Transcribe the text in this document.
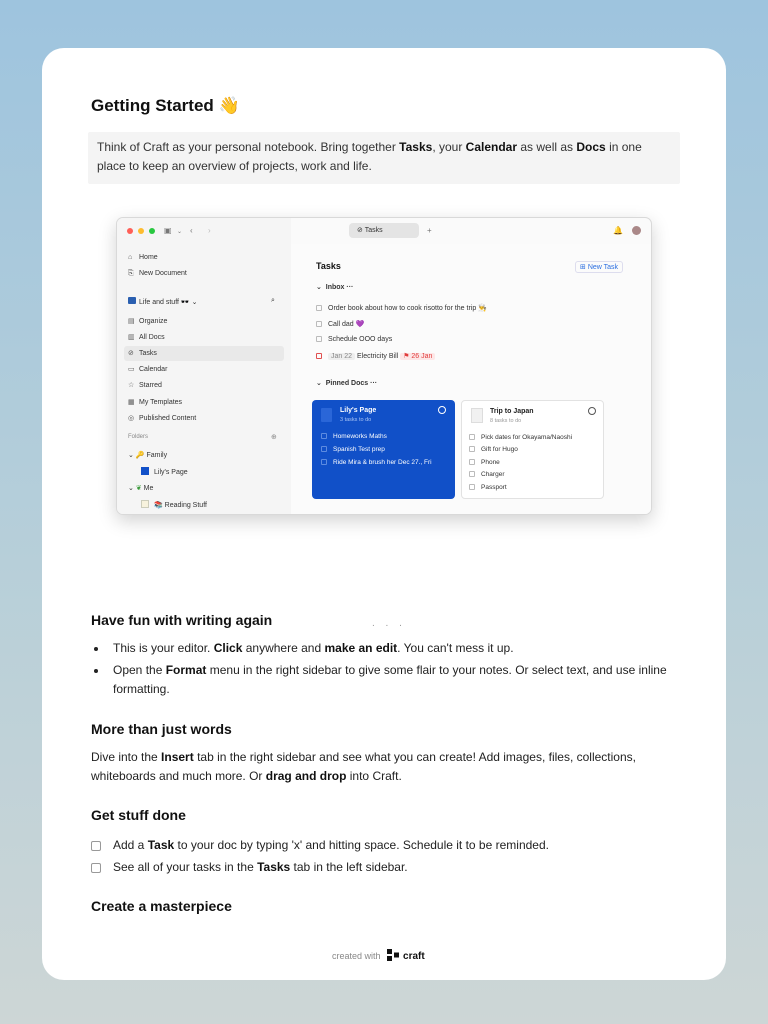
Getting Started 👋
Think of Craft as your personal notebook. Bring together Tasks, your Calendar as well as Docs in one place to keep an overview of projects, work and life.
▣ ⌄ ‹ ›	⊘ Tasks	+	🔔
⌂ Home
⎘ New Document
Life and stuff 🕶️ ⌄	⌕
▤ Organize
▥ All Docs
⊘ Tasks
▭ Calendar
☆ Starred
▦ My Templates
◎ Published Content
Folders	⊕
⌄ 🔑 Family
Lily's Page
⌄ ❦ Me
📚 Reading Stuff
Tasks	⊞ New Task
⌄  Inbox ···
Order book about how to cook risotto for the trip 👨‍🍳
Call dad 💜
Schedule OOO days
Jan 22 Electricity Bill ⚑ 26 Jan
⌄  Pinned Docs ···
Lily's Page
3 tasks to do
Homeworks Maths
Spanish Test prep
Ride Mira & brush her Dec 27., Fri
Trip to Japan
8 tasks to do
Pick dates for Okayama/Naoshi
Gift for Hugo
Phone
Charger
Passport
. . .
Have fun with writing again
This is your editor. Click anywhere and make an edit. You can't mess it up.
Open the Format menu in the right sidebar to give some flair to your notes. Or select text, and use inline formatting.
More than just words
Dive into the Insert tab in the right sidebar and see what you can create! Add images, files, collections, whiteboards and much more. Or drag and drop into Craft.
Get stuff done
Add a Task to your doc by typing 'x' and hitting space. Schedule it to be reminded.
See all of your tasks in the Tasks tab in the left sidebar.
Create a masterpiece
created with craft
